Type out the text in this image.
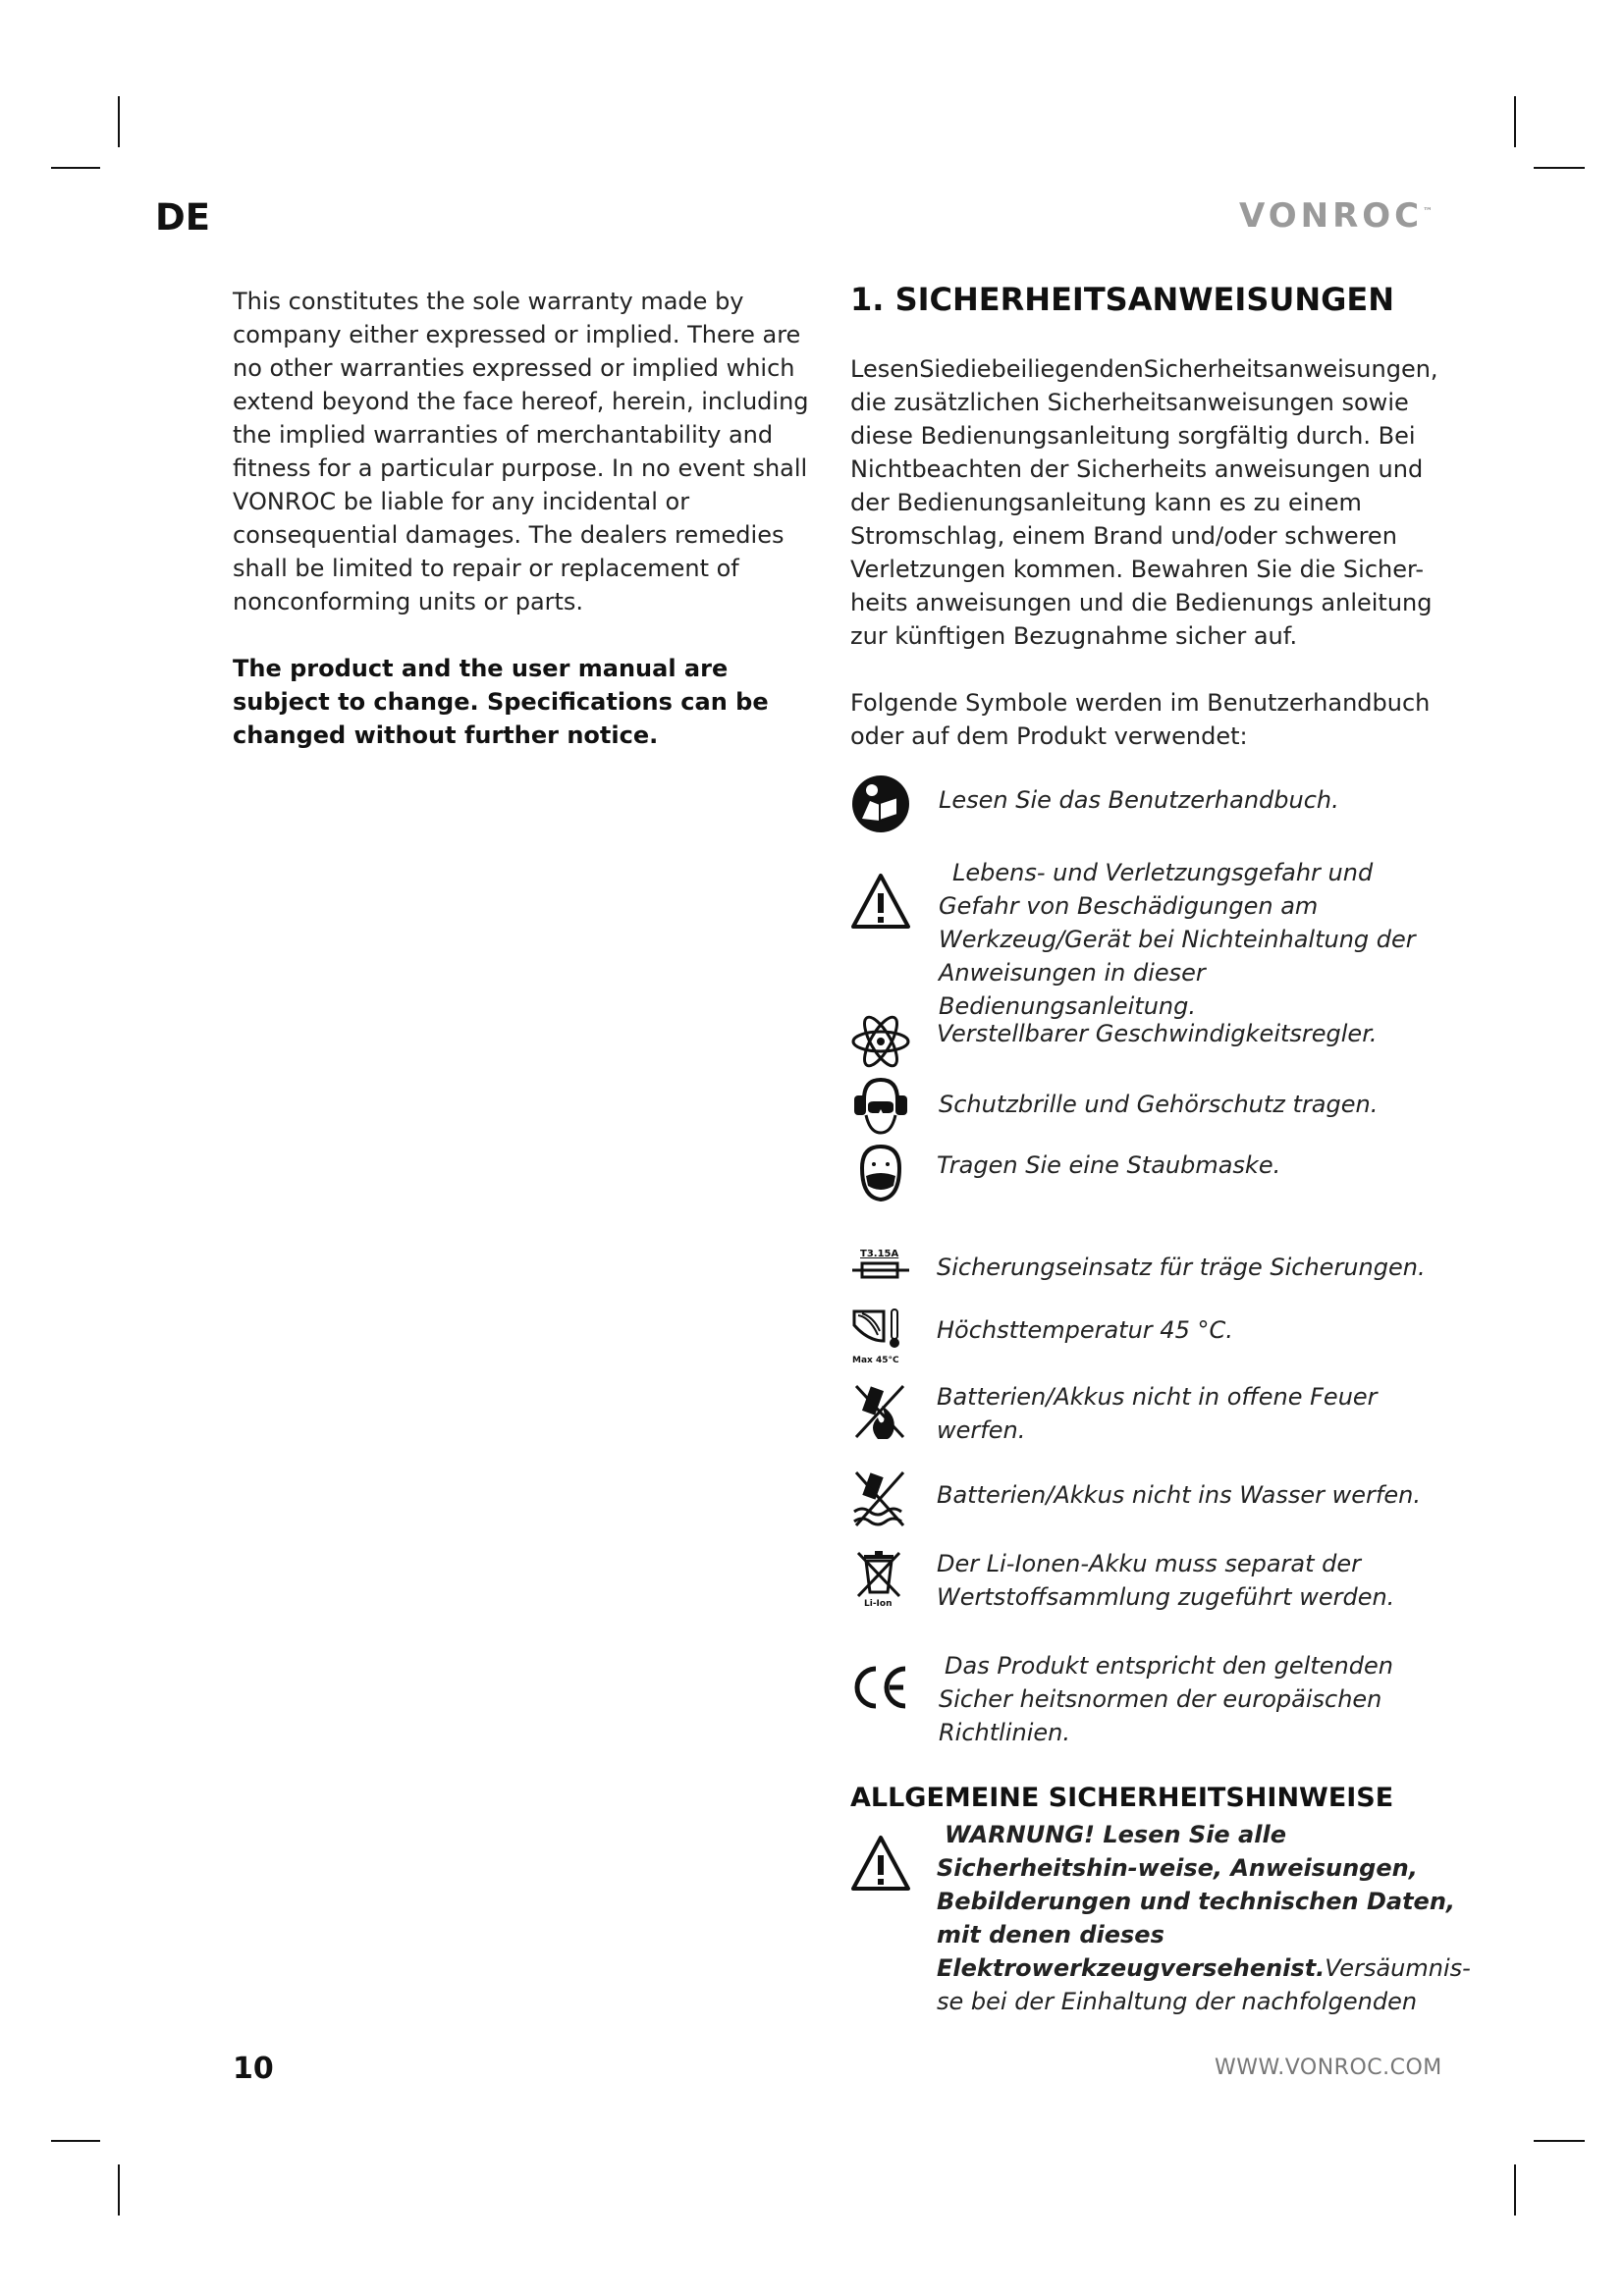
DE	VONROC™

This constitutes the sole warranty made by company either expressed or implied. There are no other warranties expressed or implied which extend beyond the face hereof, herein, including the implied warranties of merchantability and fitness for a particular purpose. In no event shall VONROC be liable for any incidental or consequential damages. The dealers remedies shall be limited to repair or replacement of nonconforming units or parts.

The product and the user manual are subject to change. Specifications can be changed without further notice.

1. SICHERHEITSANWEISUNGEN

LesenSiediebeiliegendenSicherheitsanweisungen, die zusätzlichen Sicherheitsanweisungen sowie diese Bedienungsanleitung sorgfältig durch. Bei Nichtbeachten der Sicherheits anweisungen und der Bedienungsanleitung kann es zu einem Stromschlag, einem Brand und/oder schweren Verletzungen kommen. Bewahren Sie die Sicher-heits anweisungen und die Bedienungs anleitung zur künftigen Bezugnahme sicher auf.

Folgende Symbole werden im Benutzerhandbuch oder auf dem Produkt verwendet:

Lesen Sie das Benutzerhandbuch.
Lebens- und Verletzungsgefahr und Gefahr von Beschädigungen am Werkzeug/Gerät bei Nichteinhaltung der Anweisungen in dieser Bedienungsanleitung.
Verstellbarer Geschwindigkeitsregler.
Schutzbrille und Gehörschutz tragen.
Tragen Sie eine Staubmaske.
T3.15A Sicherungseinsatz für träge Sicherungen.
Max 45°C
Höchsttemperatur 45 °C.
Batterien/Akkus nicht in offene Feuer werfen.
Batterien/Akkus nicht ins Wasser werfen.
Li-Ion
Der Li-Ionen-Akku muss separat der Wertstoffsammlung zugeführt werden.
Das Produkt entspricht den geltenden Sicher heitsnormen der europäischen Richtlinien.
ALLGEMEINE SICHERHEITSHINWEISE
WARNUNG! Lesen Sie alle Sicherheitshin-weise, Anweisungen, Bebilderungen und technischen Daten, mit denen dieses Elektrowerkzeugversehenist.Versäumnis-se bei der Einhaltung der nachfolgenden
10	WWW.VONROC.COM
